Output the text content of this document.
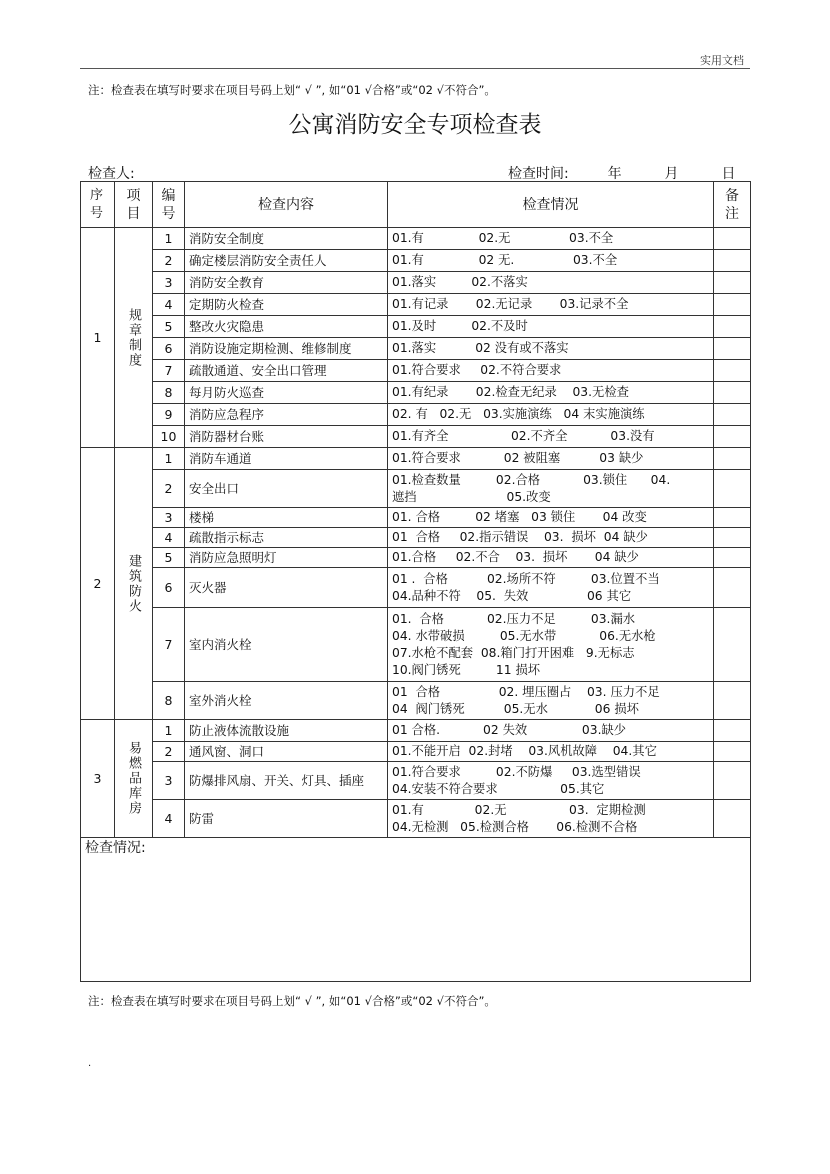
实用文档
注：检查表在填写时要求在项目号码上划“ √ ”, 如“01 √合格”或“02 √不符合”。
公寓消防安全专项检查表
检查人:	检查时间:	年	月	日
序号	项目	编号	检查内容	检查情况	备注

1	规章制度	1	消防安全制度	01.有              02.无               03.不全	
		2	确定楼层消防安全责任人	01.有              02 无.               03.不全	
		3	消防安全教育	01.落实         02.不落实	
		4	定期防火检查	01.有记录       02.无记录       03.记录不全	
		5	整改火灾隐患	01.及时         02.不及时	
		6	消防设施定期检测、维修制度	01.落实          02 没有或不落实	
		7	疏散通道、安全出口管理	01.符合要求     02.不符合要求	
		8	每月防火巡查	01.有纪录       02.检查无纪录    03.无检查	
		9	消防应急程序	02. 有   02.无   03.实施演练   04 末实施演练	
		10	消防器材台账	01.有齐全                02.不齐全           03.没有	
2	建筑防火	1	消防车通道	01.符合要求           02 被阻塞          03 缺少	
		2	安全出口	01.检查数量         02.合格           03.锁住      04.
遮挡                       05.改变	
		3	楼梯	01. 合格         02 堵塞   03 锁住       04 改变	
		4	疏散指示标志	01  合格     02.指示错误    03.  损坏  04 缺少	
		5	消防应急照明灯	01.合格     02.不合    03.  损坏       04 缺少	
		6	灭火器	01 .  合格          02.场所不符         03.位置不当
04.品种不符    05.  失效               06 其它	
		7	室内消火栓	01.  合格           02.压力不足         03.漏水
04. 水带破损         05.无水带           06.无水枪
07.水枪不配套  08.箱门打开困难   9.无标志
10.阀门锈死         11 损坏	
		8	室外消火栓	01  合格               02. 埋压圈占    03. 压力不足
04  阀门锈死          05.无水            06 损坏	
3	易燃品库房	1	防止液体流散设施	01 合格.           02 失效              03.缺少	
		2	通风窗、洞口	01.不能开启  02.封堵    03.风机故障    04.其它	
		3	防爆排风扇、开关、灯具、插座	01.符合要求         02.不防爆     03.选型错误
04.安装不符合要求                05.其它	
		4	防雷	01.有             02.无                03.  定期检测
04.无检测   05.检测合格       06.检测不合格	

检查情况:					
注：检查表在填写时要求在项目号码上划“ √ ”, 如“01 √合格”或“02 √不符合”。
.
